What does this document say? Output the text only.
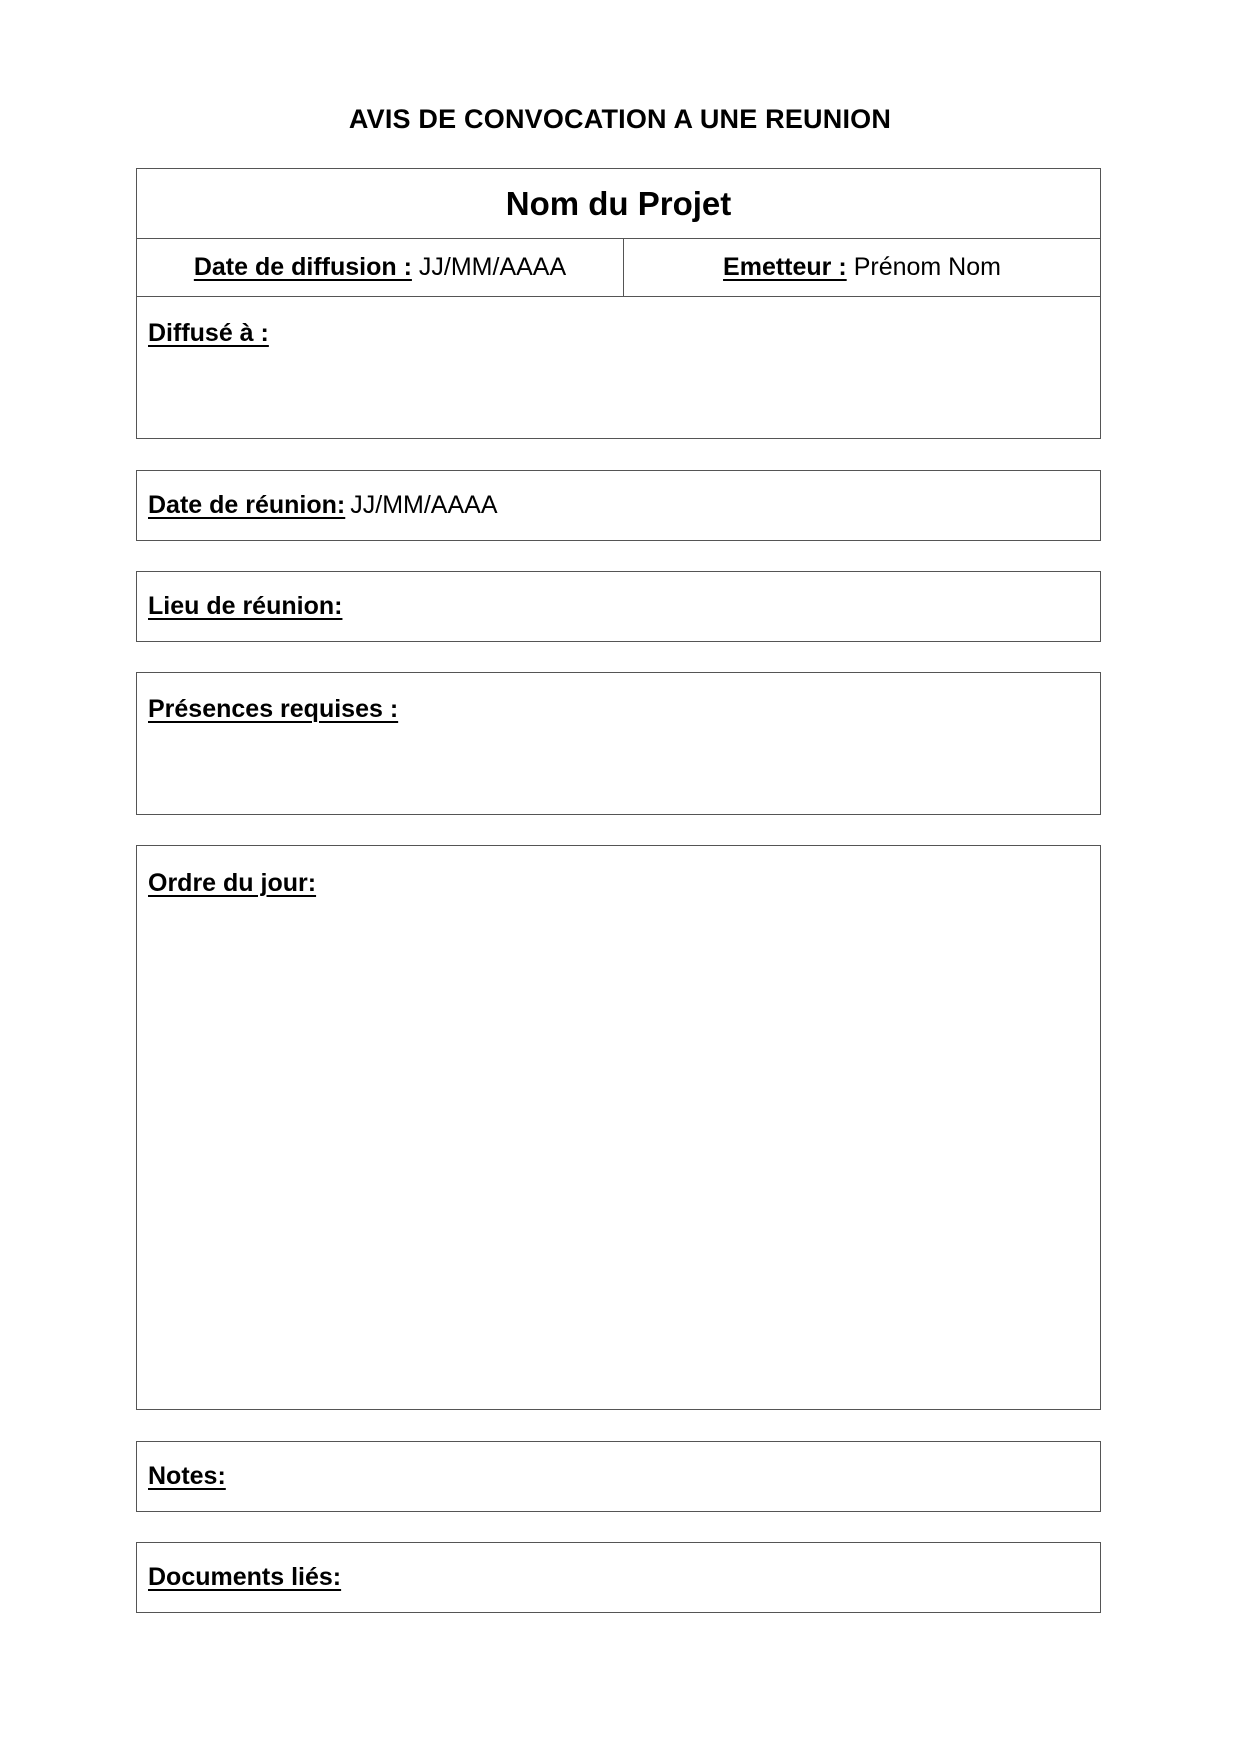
AVIS DE CONVOCATION A UNE REUNION
Nom du Projet
Date de diffusion : JJ/MM/AAAA	Emetteur : Prénom Nom
Diffusé à :
Date de réunion: JJ/MM/AAAA
Lieu de réunion:
Présences requises :
Ordre du jour:
Notes:
Documents liés:
